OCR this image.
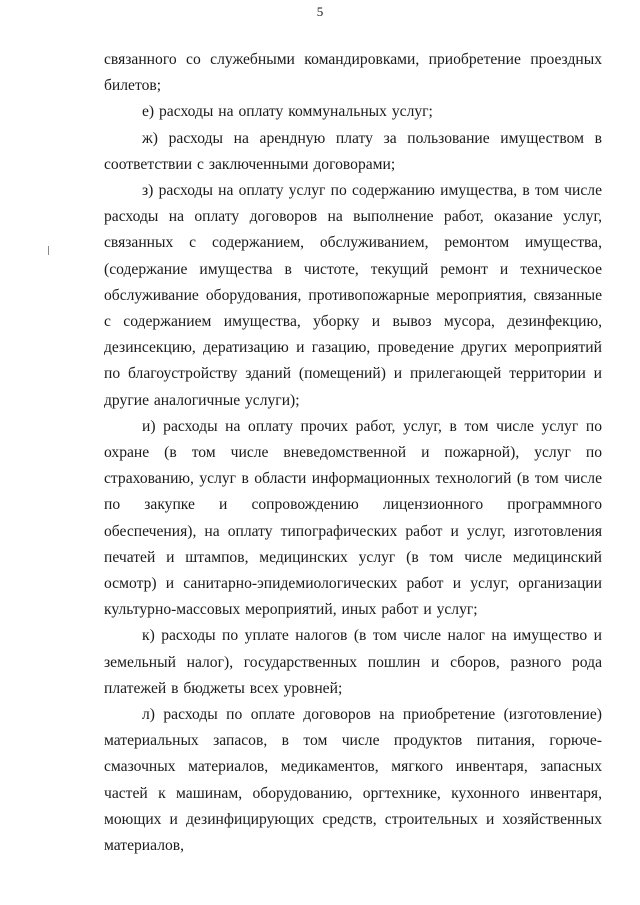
5

связанного со служебными командировками, приобретение проездных билетов;

е) расходы на оплату коммунальных услуг;

ж) расходы на арендную плату за пользование имуществом в соответствии с заключенными договорами;

з) расходы на оплату услуг по содержанию имущества, в том числе расходы на оплату договоров на выполнение работ, оказание услуг, связанных с содержанием, обслуживанием, ремонтом имущества, (содержание имущества в чистоте, текущий ремонт и техническое обслуживание оборудования, противопожарные мероприятия, связанные с содержанием имущества, уборку и вывоз мусора, дезинфекцию, дезинсекцию, дератизацию и газацию, проведение других мероприятий по благоустройству зданий (помещений) и прилегающей территории и другие аналогичные услуги);

и) расходы на оплату прочих работ, услуг, в том числе услуг по охране (в том числе вневедомственной и пожарной), услуг по страхованию, услуг в области информационных технологий (в том числе по закупке и сопровождению лицензионного программного обеспечения), на оплату типографических работ и услуг, изготовления печатей и штампов, медицинских услуг (в том числе медицинский осмотр) и санитарно-эпидемиологических работ и услуг, организации культурно-массовых мероприятий, иных работ и услуг;

к) расходы по уплате налогов (в том числе налог на имущество и земельный налог), государственных пошлин и сборов, разного рода платежей в бюджеты всех уровней;

л) расходы по оплате договоров на приобретение (изготовление) материальных запасов, в том числе продуктов питания, горюче-смазочных материалов, медикаментов, мягкого инвентаря, запасных частей к машинам, оборудованию, оргтехнике, кухонного инвентаря, моющих и дезинфицирующих средств, строительных и хозяйственных материалов,
